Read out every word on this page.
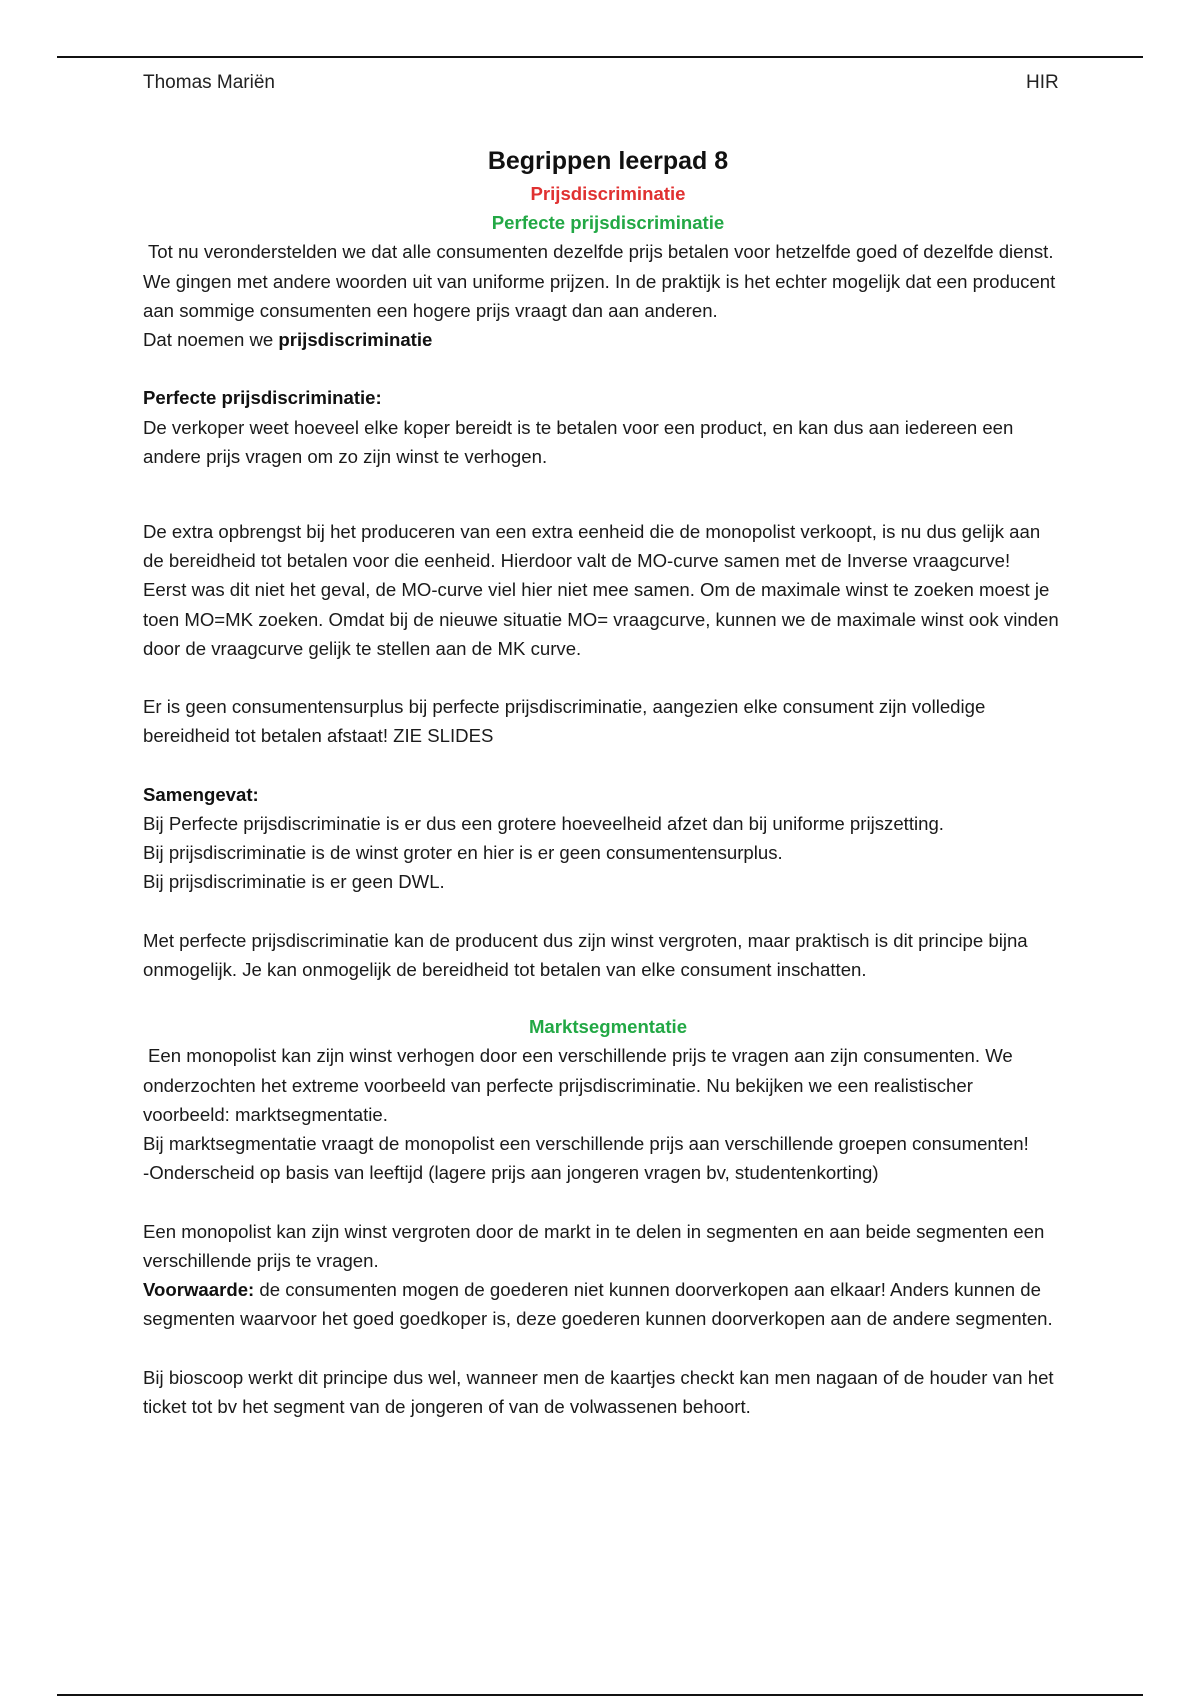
Thomas Mariën	HIR
Begrippen leerpad 8
Prijsdiscriminatie
Perfecte prijsdiscriminatie

Tot nu veronderstelden we dat alle consumenten dezelfde prijs betalen voor hetzelfde goed of dezelfde dienst. We gingen met andere woorden uit van uniforme prijzen. In de praktijk is het echter mogelijk dat een producent aan sommige consumenten een hogere prijs vraagt dan aan anderen.

Dat noemen we prijsdiscriminatie

Perfecte prijsdiscriminatie:

De verkoper weet hoeveel elke koper bereidt is te betalen voor een product, en kan dus aan iedereen een andere prijs vragen om zo zijn winst te verhogen.

De extra opbrengst bij het produceren van een extra eenheid die de monopolist verkoopt, is nu dus gelijk aan de bereidheid tot betalen voor die eenheid. Hierdoor valt de MO-curve samen met de Inverse vraagcurve!

Eerst was dit niet het geval, de MO-curve viel hier niet mee samen. Om de maximale winst te zoeken moest je toen MO=MK zoeken. Omdat bij de nieuwe situatie MO= vraagcurve, kunnen we de maximale winst ook vinden door de vraagcurve gelijk te stellen aan de MK curve.

Er is geen consumentensurplus bij perfecte prijsdiscriminatie, aangezien elke consument zijn volledige bereidheid tot betalen afstaat! ZIE SLIDES

Samengevat:

Bij Perfecte prijsdiscriminatie is er dus een grotere hoeveelheid afzet dan bij uniforme prijszetting.

Bij prijsdiscriminatie is de winst groter en hier is er geen consumentensurplus.

Bij prijsdiscriminatie is er geen DWL.

Met perfecte prijsdiscriminatie kan de producent dus zijn winst vergroten, maar praktisch is dit principe bijna onmogelijk. Je kan onmogelijk de bereidheid tot betalen van elke consument inschatten.

Marktsegmentatie

Een monopolist kan zijn winst verhogen door een verschillende prijs te vragen aan zijn consumenten. We onderzochten het extreme voorbeeld van perfecte prijsdiscriminatie. Nu bekijken we een realistischer voorbeeld: marktsegmentatie.

Bij marktsegmentatie vraagt de monopolist een verschillende prijs aan verschillende groepen consumenten!

-Onderscheid op basis van leeftijd (lagere prijs aan jongeren vragen bv, studentenkorting)

Een monopolist kan zijn winst vergroten door de markt in te delen in segmenten en aan beide segmenten een verschillende prijs te vragen.

Voorwaarde: de consumenten mogen de goederen niet kunnen doorverkopen aan elkaar! Anders kunnen de segmenten waarvoor het goed goedkoper is, deze goederen kunnen doorverkopen aan de andere segmenten.

Bij bioscoop werkt dit principe dus wel, wanneer men de kaartjes checkt kan men nagaan of de houder van het ticket tot bv het segment van de jongeren of van de volwassenen behoort.
